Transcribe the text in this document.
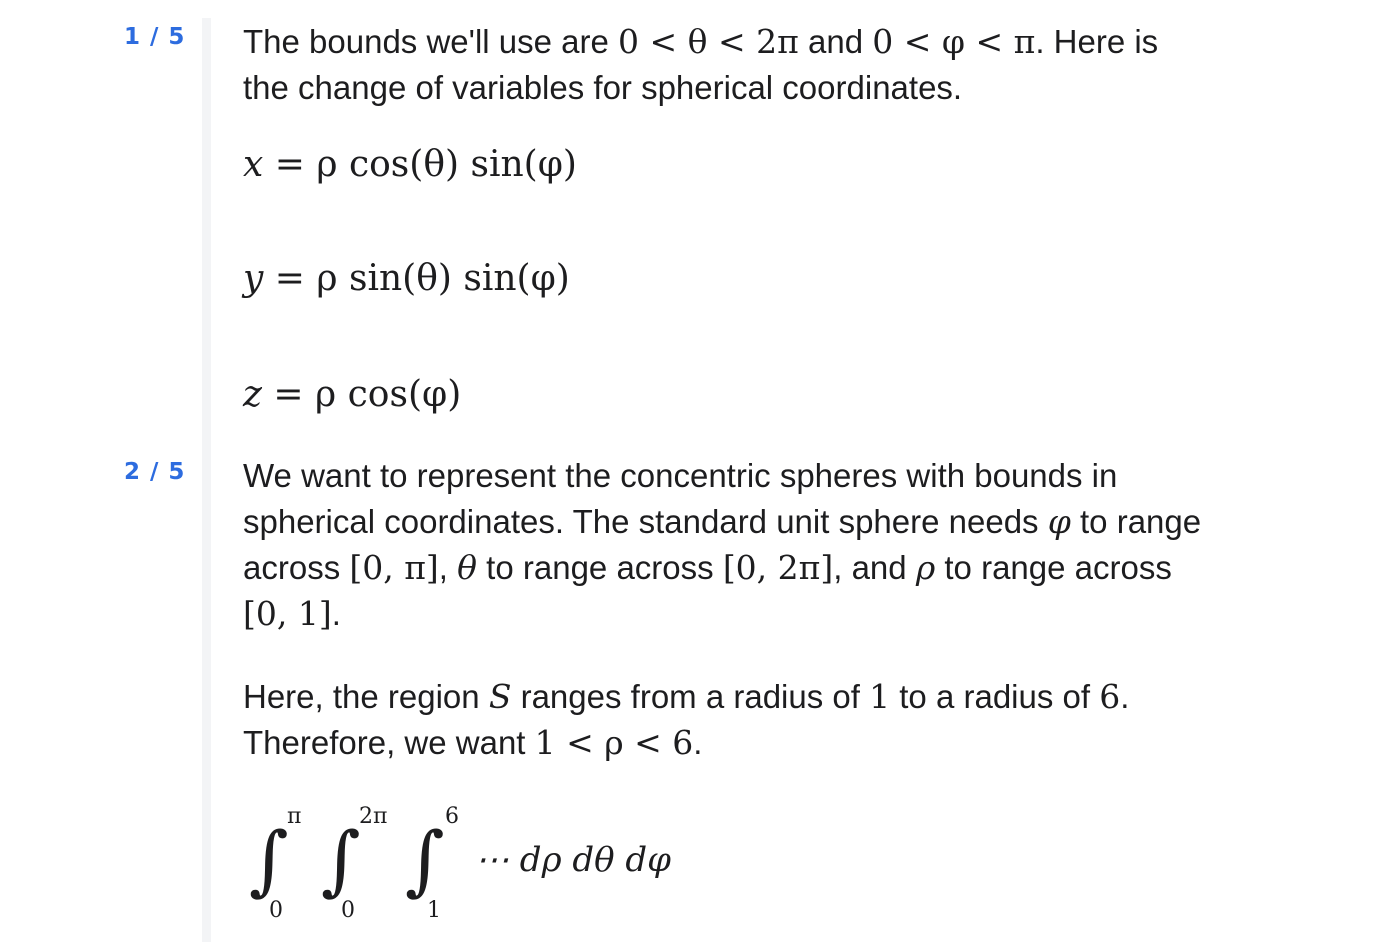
1 / 5 The bounds we'll use are 0 < θ < 2π and 0 < φ < π. Here is
the change of variables for spherical coordinates.
x = ρ cos(θ) sin(φ)
y = ρ sin(θ) sin(φ)
z = ρ cos(φ)
2 / 5 We want to represent the concentric spheres with bounds in
spherical coordinates. The standard unit sphere needs φ to range
across [0, π], θ to range across [0, 2π], and ρ to range across
[0, 1].
Here, the region S ranges from a radius of 1 to a radius of 6.
Therefore, we want 1 < ρ < 6.
∫
π
0
∫
2π
0
∫ 6
1
⋯ dρ dθ dφ
